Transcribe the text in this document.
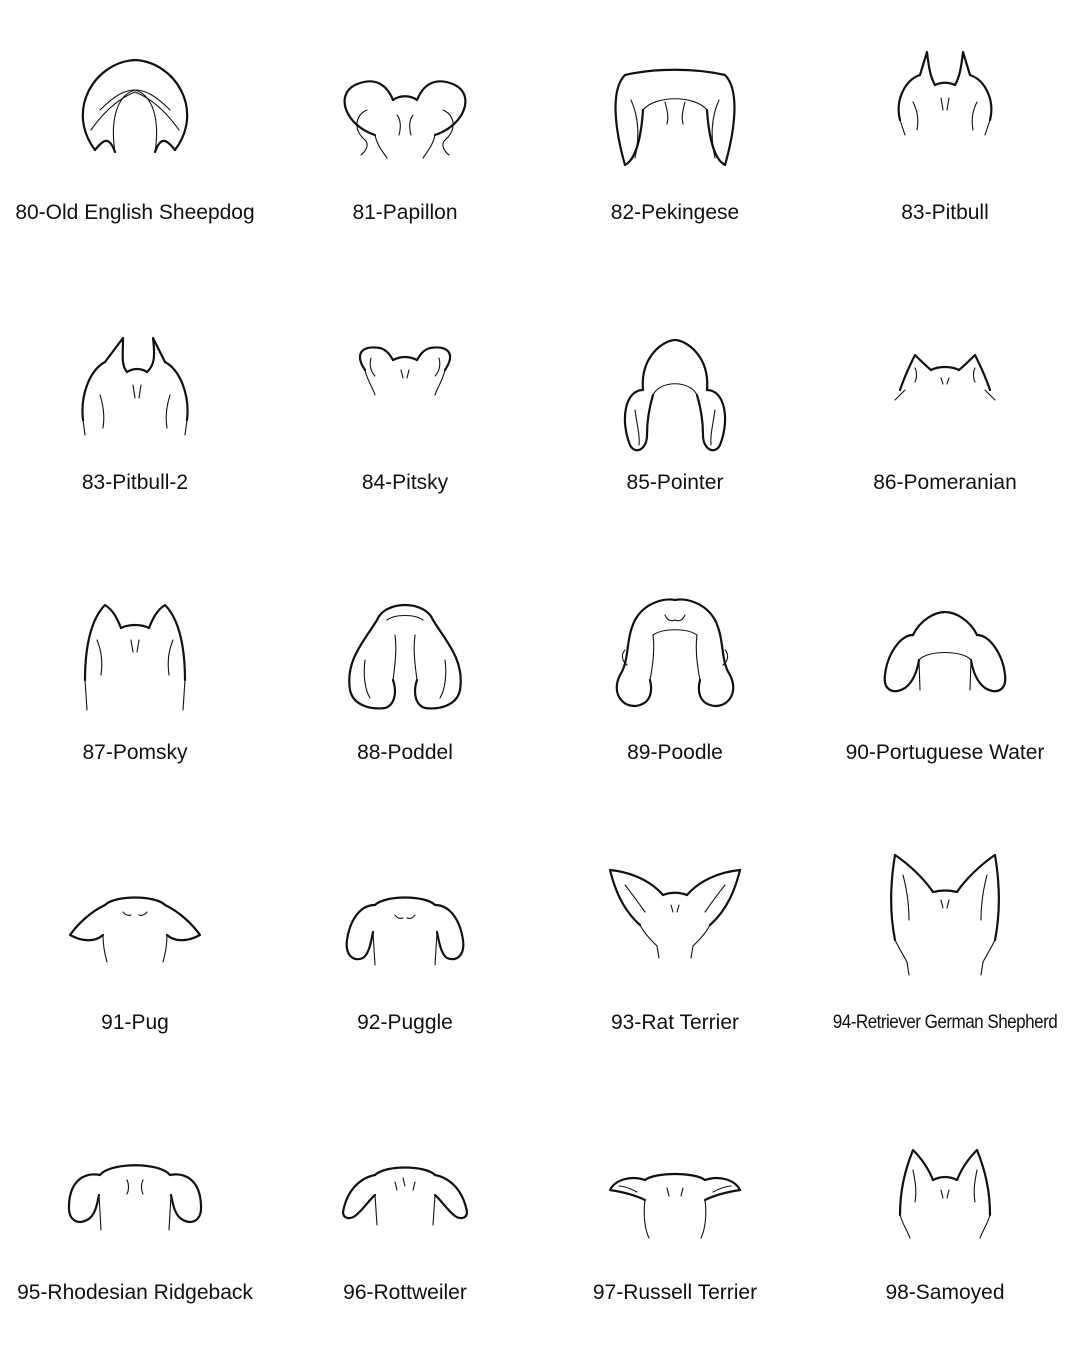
80-Old English Sheepdog	81-Papillon	82-Pekingese	83-Pitbull
83-Pitbull-2	84-Pitsky	85-Pointer	86-Pomeranian
87-Pomsky	88-Poddel	89-Poodle	90-Portuguese Water
91-Pug	92-Puggle	93-Rat Terrier	94-Retriever German Shepherd
95-Rhodesian Ridgeback	96-Rottweiler	97-Russell Terrier	98-Samoyed
